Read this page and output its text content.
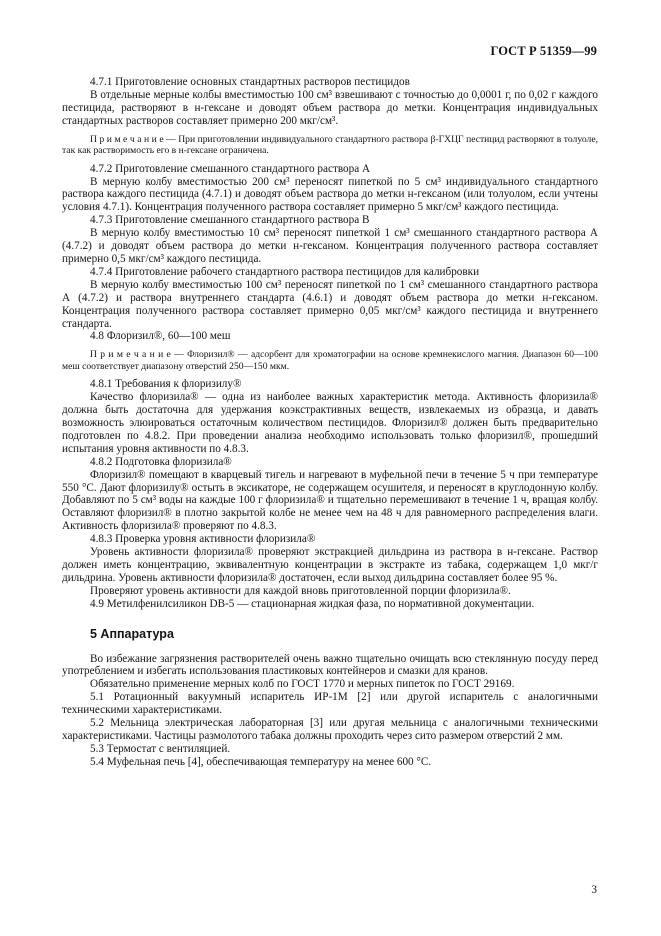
ГОСТ Р 51359—99

4.7.1 Приготовление основных стандартных растворов пестицидов

В отдельные мерные колбы вместимостью 100 см³ взвешивают с точностью до 0,0001 г, по 0,02 г каждого пестицида, растворяют в н-гексане и доводят объем раствора до метки. Концентрация индивидуальных стандартных растворов составляет примерно 200 мкг/см³.

П р и м е ч а н и е — При приготовлении индивидуального стандартного раствора β-ГХЦГ пестицид растворяют в толуоле, так как растворимость его в н-гексане ограничена.

4.7.2 Приготовление смешанного стандартного раствора А

В мерную колбу вместимостью 200 см³ переносят пипеткой по 5 см³ индивидуального стандартного раствора каждого пестицида (4.7.1) и доводят объем раствора до метки н-гексаном (или толуолом, если учтены условия 4.7.1). Концентрация полученного раствора составляет примерно 5 мкг/см³ каждого пестицида.

4.7.3 Приготовление смешанного стандартного раствора В

В мерную колбу вместимостью 10 см³ переносят пипеткой 1 см³ смешанного стандартного раствора А (4.7.2) и доводят объем раствора до метки н-гексаном. Концентрация полученного раствора составляет примерно 0,5 мкг/см³ каждого пестицида.

4.7.4 Приготовление рабочего стандартного раствора пестицидов для калибровки

В мерную колбу вместимостью 100 см³ переносят пипеткой по 1 см³ смешанного стандартного раствора А (4.7.2) и раствора внутреннего стандарта (4.6.1) и доводят объем раствора до метки н-гексаном. Концентрация полученного раствора составляет примерно 0,05 мкг/см³ каждого пестицида и внутреннего стандарта.

4.8 Флоризил®, 60—100 меш

П р и м е ч а н и е — Флоризил® — адсорбент для хроматографии на основе кремнекислого магния. Диапазон 60—100 меш соответствует диапазону отверстий 250—150 мкм.

4.8.1 Требования к флоризилу®

Качество флоризила® — одна из наиболее важных характеристик метода. Активность флоризила® должна быть достаточна для удержания коэкстрактивных веществ, извлекаемых из образца, и давать возможность элюироваться остаточным количеством пестицидов. Флоризил® должен быть предварительно подготовлен по 4.8.2. При проведении анализа необходимо использовать только флоризил®, прошедший испытания уровня активности по 4.8.3.

4.8.2 Подготовка флоризила®

Флоризил® помещают в кварцевый тигель и нагревают в муфельной печи в течение 5 ч при температуре 550 °С. Дают флоризилу® остыть в эксикаторе, не содержащем осушителя, и переносят в круглодонную колбу. Добавляют по 5 см³ воды на каждые 100 г флоризила® и тщательно перемешивают в течение 1 ч, вращая колбу. Оставляют флоризил® в плотно закрытой колбе не менее чем на 48 ч для равномерного распределения влаги. Активность флоризила® проверяют по 4.8.3.

4.8.3 Проверка уровня активности флоризила®

Уровень активности флоризила® проверяют экстракцией дильдрина из раствора в н-гексане. Раствор должен иметь концентрацию, эквивалентную концентрации в экстракте из табака, содержащем 1,0 мкг/г дильдрина. Уровень активности флоризила® достаточен, если выход дильдрина составляет более 95 %.

Проверяют уровень активности для каждой вновь приготовленной порции флоризила®.

4.9 Метилфенилсиликон DB-5 — стационарная жидкая фаза, по нормативной документации.

5 Аппаратура

Во избежание загрязнения растворителей очень важно тщательно очищать всю стеклянную посуду перед употреблением и избегать использования пластиковых контейнеров и смазки для кранов.

Обязательно применение мерных колб по ГОСТ 1770 и мерных пипеток по ГОСТ 29169.

5.1 Ротационный вакуумный испаритель ИР-1М [2] или другой испаритель с аналогичными техническими характеристиками.

5.2 Мельница электрическая лабораторная [3] или другая мельница с аналогичными техническими характеристиками. Частицы размолотого табака должны проходить через сито размером отверстий 2 мм.

5.3 Термостат с вентиляцией.

5.4 Муфельная печь [4], обеспечивающая температуру на менее 600 °С.

3
